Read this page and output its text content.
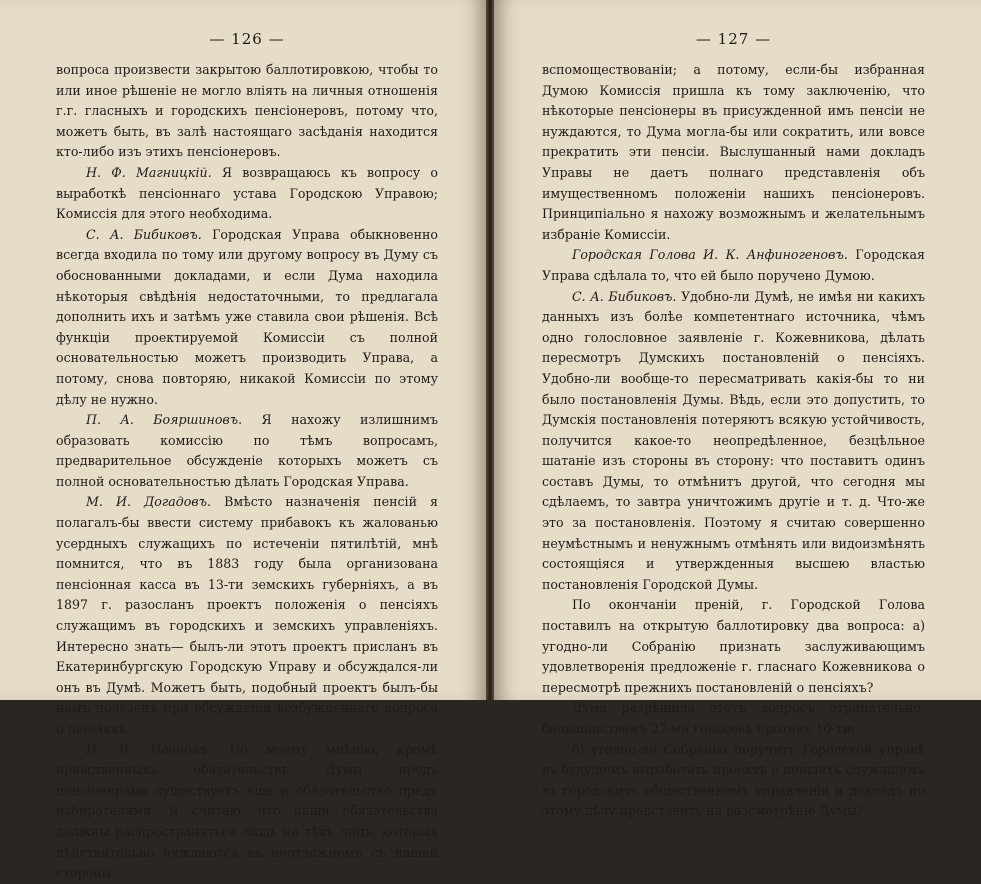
— 126 —

вопроса произвести закрытою баллотировкою, чтобы то или иное рѣшеніе не могло вліять на личныя отношенія г.г. гласныхъ и городскихъ пенсіонеровъ, потому что, можетъ быть, въ залѣ настоящаго засѣданія находится кто-либо изъ этихъ пенсіонеровъ.

Н. Ф. Магницкій. Я возвращаюсь къ вопросу о выработкѣ пенсіоннаго устава Городскою Управою; Комиссія для этого необходима.

С. А. Бибиковъ. Городская Управа обыкновенно всегда входила по тому или другому вопросу въ Думу съ обоснованными докладами, и если Дума находила нѣкоторыя свѣдѣнія недостаточными, то предлагала дополнить ихъ и затѣмъ уже ставила свои рѣшенія. Всѣ функціи проектируемой Комиссіи съ полной основательностью можетъ производить Управа, а потому, снова повторяю, никакой Комиссіи по этому дѣлу не нужно.

П. А. Бояршиновъ. Я нахожу излишнимъ образовать комиссію по тѣмъ вопросамъ, предварительное обсужденіе которыхъ можетъ съ полной основательностью дѣлать Городская Управа.

М. И. Догадовъ. Вмѣсто назначенія пенсій я полагалъ-бы ввести систему прибавокъ къ жалованью усердныхъ служащихъ по истеченіи пятилѣтій, мнѣ помнится, что въ 1883 году была организована пенсіонная касса въ 13-ти земскихъ губерніяхъ, а въ 1897 г. разосланъ проектъ положенія о пенсіяхъ служащимъ въ городскихъ и земскихъ управленіяхъ. Интересно знать— былъ-ли этотъ проектъ присланъ въ Екатеринбургскую Городскую Управу и обсуждался-ли онъ въ Думѣ. Можетъ быть, подобный проектъ былъ-бы намъ полезенъ при обсужденіи возбужденнаго вопроса о пенсіяхъ.

И. В. Ивановъ. По моему мнѣнію, кромѣ нравственныхъ обязательствъ Думы предъ пенсіонерами существуетъ еще и обязательство предъ избирателями. Я считаю, что наши обязательства должны распространяться лишь на тѣхъ лицъ, которыя дѣйствительно нуждаются въ неотложномъ съ нашей стороны

— 127 —

вспомоществованіи; а потому, если-бы избранная Думою Комиссія пришла къ тому заключенію, что нѣкоторые пенсіонеры въ присужденной имъ пенсіи не нуждаются, то Дума могла-бы или сократить, или вовсе прекратить эти пенсіи. Выслушанный нами докладъ Управы не даетъ полнаго представленія объ имущественномъ положеніи нашихъ пенсіонеровъ. Принципіально я нахожу возможнымъ и желательнымъ избраніе Комиссіи.

Городская Голова И. К. Анфиногеновъ. Городская Управа сдѣлала то, что ей было поручено Думою.

С. А. Бибиковъ. Удобно-ли Думѣ, не имѣя ни какихъ данныхъ изъ болѣе компетентнаго источника, чѣмъ одно голословное заявленіе г. Кожевникова, дѣлать пересмотръ Думскихъ постановленій о пенсіяхъ. Удобно-ли вообще-то пересматривать какія-бы то ни было постановленія Думы. Вѣдь, если это допустить, то Думскія постановленія потеряютъ всякую устойчивость, получится какое-то неопредѣленное, безцѣльное шатаніе изъ стороны въ сторону: что поставитъ одинъ составъ Думы, то отмѣнитъ другой, что сегодня мы сдѣлаемъ, то завтра уничтожимъ другіе и т. д. Что-же это за постановленія. Поэтому я считаю совершенно неумѣстнымъ и ненужнымъ отмѣнять или видоизмѣнять состоящіяся и утвержденныя высшею властью постановленія Городской Думы.

По окончаніи преній, г. Городской Голова поставилъ на открытую баллотировку два вопроса: а) угодно-ли Собранію признать заслуживающимъ удовлетворенія предложеніе г. гласнаго Кожевникова о пересмотрѣ прежнихъ постановленій о пенсіяхъ?

Дума разрѣшила этотъ вопросъ отрицательно, большинствомъ 27-ми голосовъ противъ 10-ти;

б) угодно-ли Собранію поручить Городской управѣ въ будущемъ выработать проектъ о пенсіяхъ служащимъ въ городскихъ общественномъ управленіи и докладъ по этому дѣлу представить на разсмотрѣніе Думы?
